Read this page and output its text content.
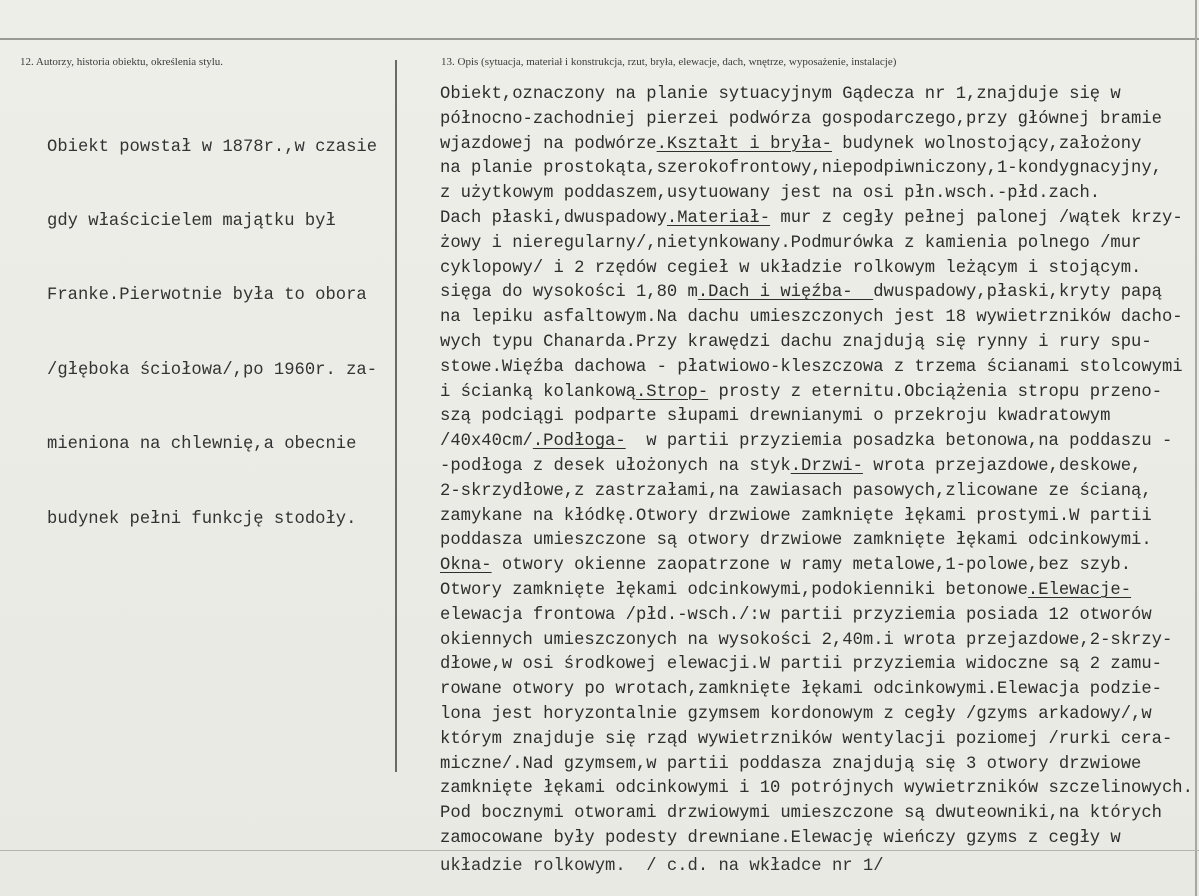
12. Autorzy, historia obiektu, określenia stylu.	13. Opis (sytuacja, materiał i konstrukcja, rzut, bryła, elewacje, dach, wnętrze, wyposażenie, instalacje)

Obiekt powstał w 1878r.,w czasie

gdy właścicielem majątku był

Franke.Pierwotnie była to obora

/głęboka ściołowa/,po 1960r. za-

mieniona na chlewnię,a obecnie

budynek pełni funkcję stodoły.

Obiekt,oznaczony na planie sytuacyjnym Gądecza nr 1,znajduje się w
północno-zachodniej pierzei podwórza gospodarczego,przy głównej bramie
wjazdowej na podwórze.Kształt i bryła- budynek wolnostojący,założony
na planie prostokąta,szerokofrontowy,niepodpiwniczony,1-kondygnacyjny,
z użytkowym poddaszem,usytuowany jest na osi płn.wsch.-płd.zach.
Dach płaski,dwuspadowy.Materiał- mur z cegły pełnej palonej /wątek krzy-
żowy i nieregularny/,nietynkowany.Podmurówka z kamienia polnego /mur
cyklopowy/ i 2 rzędów cegieł w układzie rolkowym leżącym i stojącym.
sięga do wysokości 1,80 m.Dach i więźba-  dwuspadowy,płaski,kryty papą
na lepiku asfaltowym.Na dachu umieszczonych jest 18 wywietrzników dacho-
wych typu Chanarda.Przy krawędzi dachu znajdują się rynny i rury spu-
stowe.Więźba dachowa - płatwiowo-kleszczowa z trzema ścianami stolcowymi
i ścianką kolankową.Strop- prosty z eternitu.Obciążenia stropu przeno-
szą podciągi podparte słupami drewnianymi o przekroju kwadratowym
/40x40cm/.Podłoga-  w partii przyziemia posadzka betonowa,na poddaszu -
-podłoga z desek ułożonych na styk.Drzwi- wrota przejazdowe,deskowe,
2-skrzydłowe,z zastrzałami,na zawiasach pasowych,zlicowane ze ścianą,
zamykane na kłódkę.Otwory drzwiowe zamknięte łękami prostymi.W partii
poddasza umieszczone są otwory drzwiowe zamknięte łękami odcinkowymi.
Okna- otwory okienne zaopatrzone w ramy metalowe,1-polowe,bez szyb.
Otwory zamknięte łękami odcinkowymi,podokienniki betonowe.Elewacje-
elewacja frontowa /płd.-wsch./:w partii przyziemia posiada 12 otworów
okiennych umieszczonych na wysokości 2,40m.i wrota przejazdowe,2-skrzy-
dłowe,w osi środkowej elewacji.W partii przyziemia widoczne są 2 zamu-
rowane otwory po wrotach,zamknięte łękami odcinkowymi.Elewacja podzie-
lona jest horyzontalnie gzymsem kordonowym z cegły /gzyms arkadowy/,w
którym znajduje się rząd wywietrzników wentylacji poziomej /rurki cera-
miczne/.Nad gzymsem,w partii poddasza znajdują się 3 otwory drzwiowe
zamknięte łękami odcinkowymi i 10 potrójnych wywietrzników szczelinowych.
Pod bocznymi otworami drzwiowymi umieszczone są dwuteowniki,na których
zamocowane były podesty drewniane.Elewację wieńczy gzyms z cegły w
układzie rolkowym.  / c.d. na wkładce nr 1/
